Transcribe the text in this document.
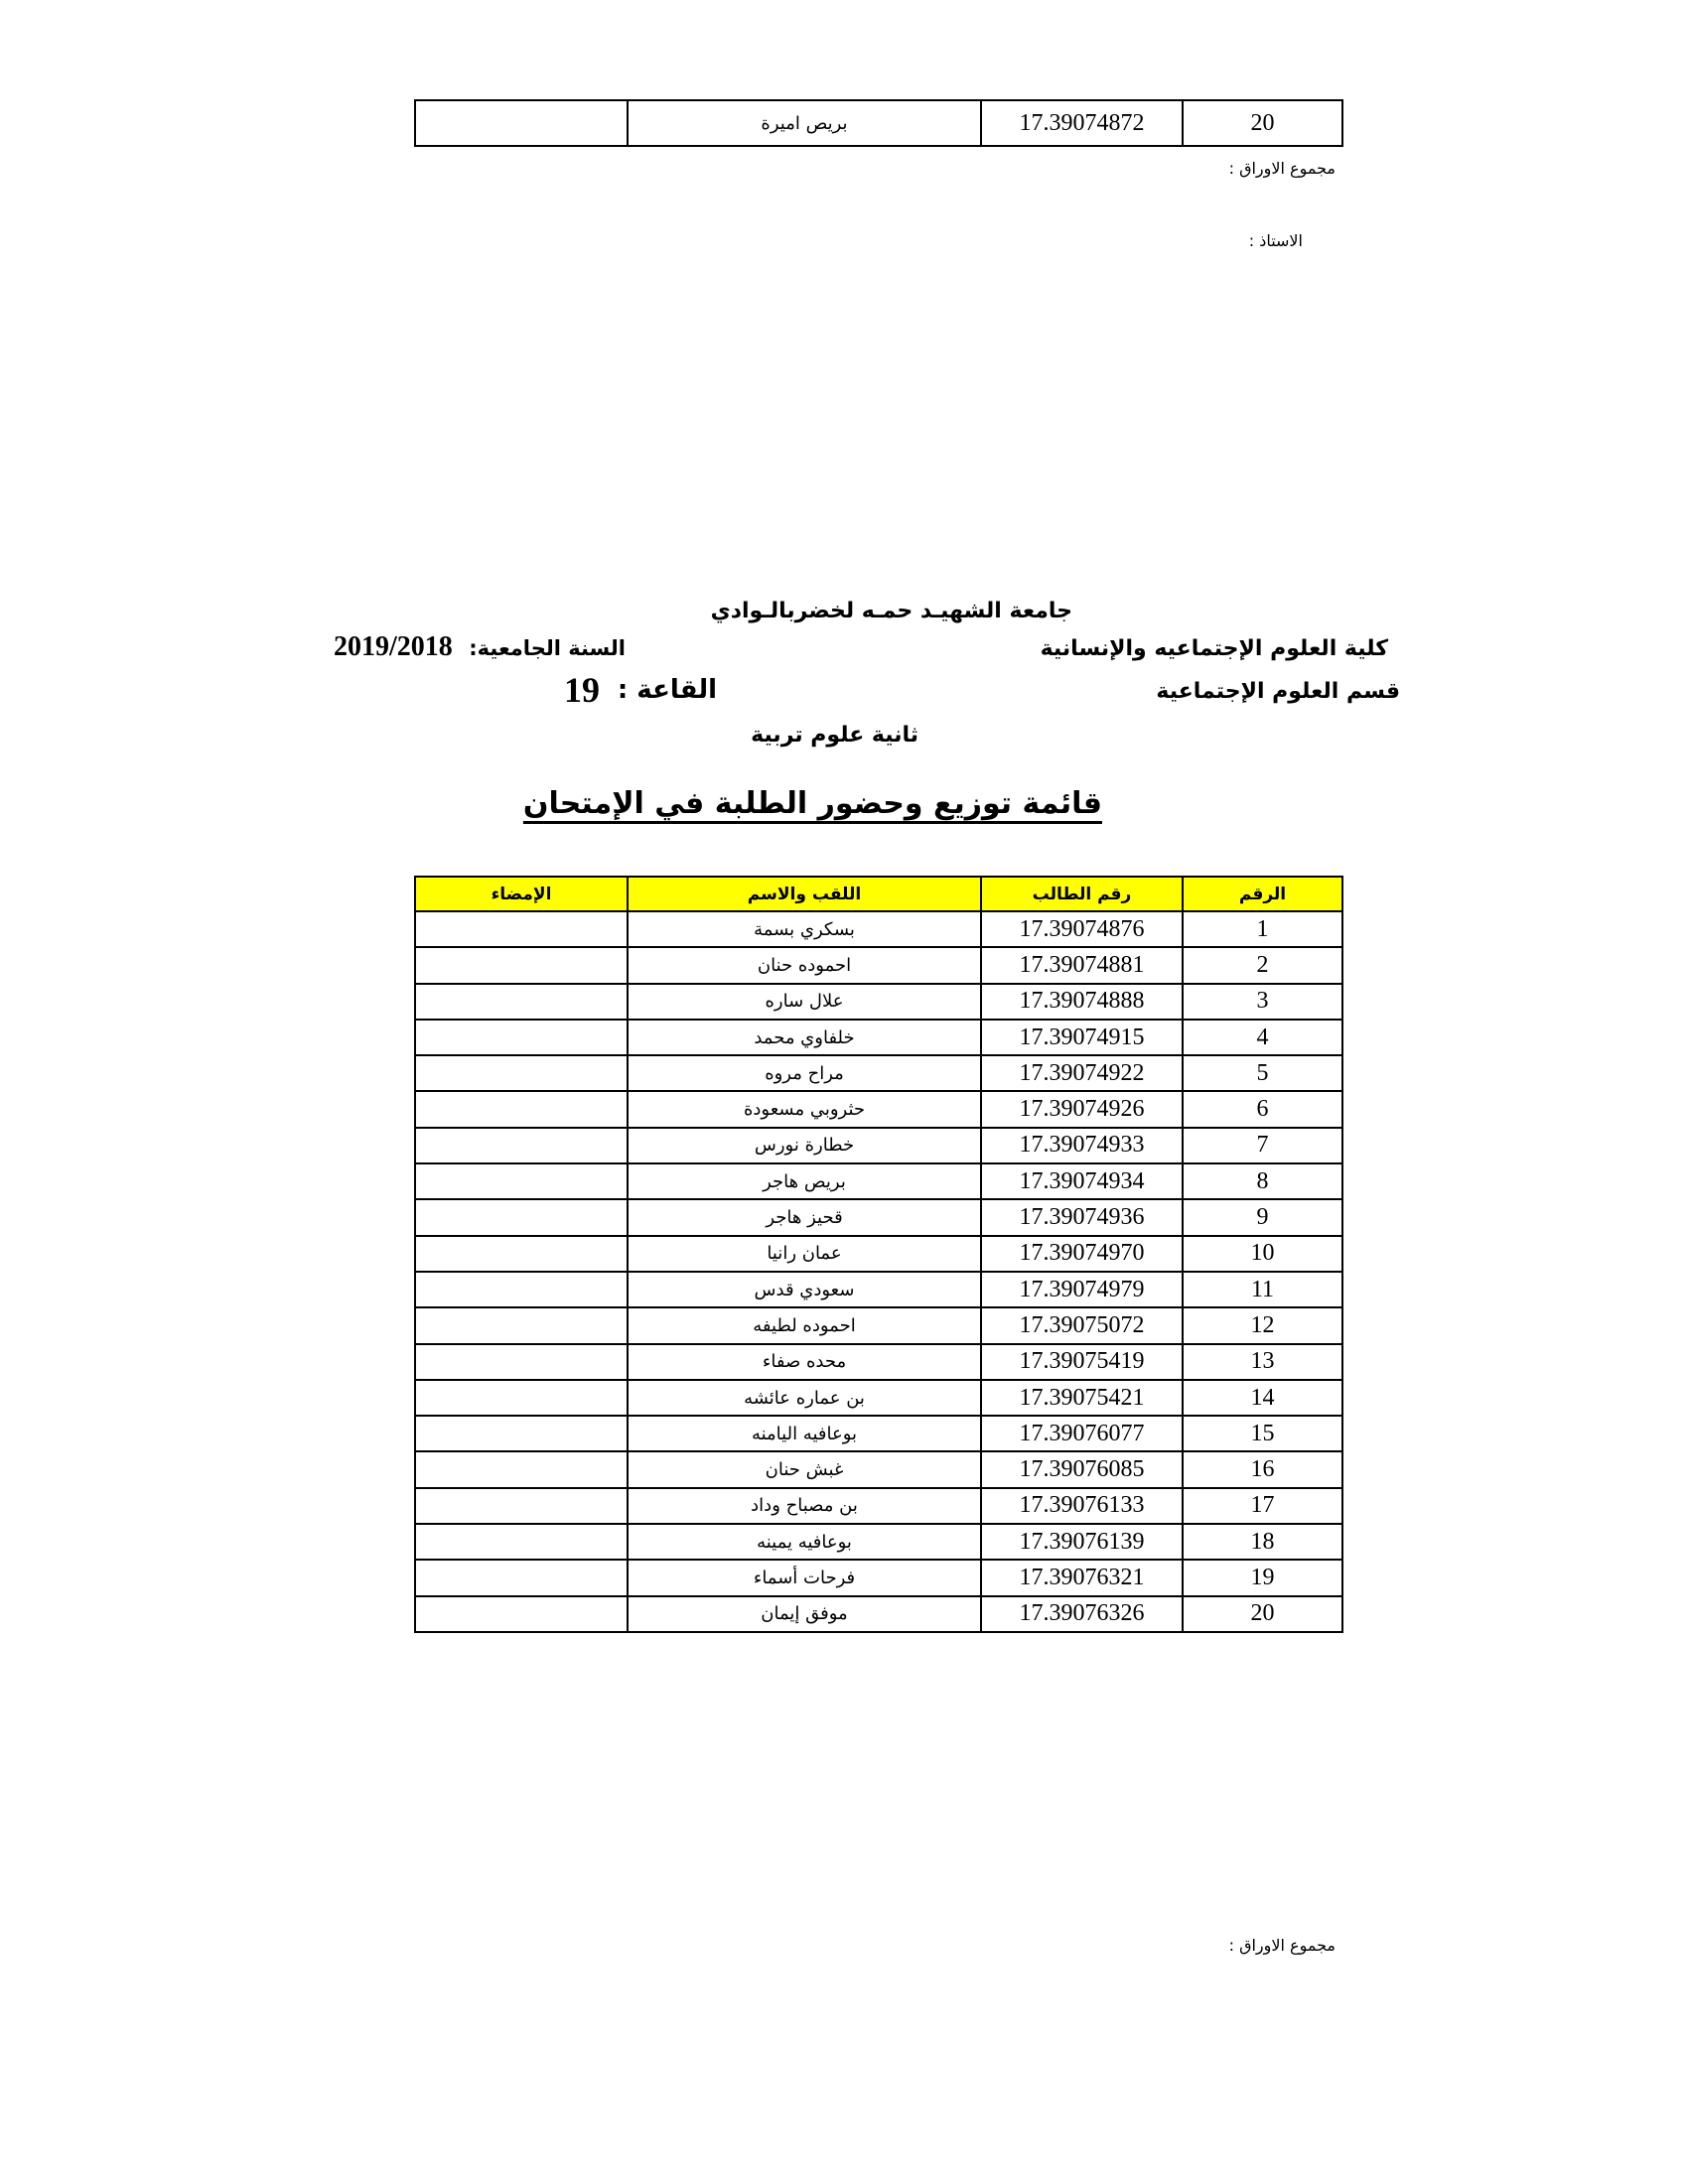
20	17.39074872	بريص اميرة	
مجموع الاوراق :
الاستاذ :
جامعة الشهيـد حمـه لخضربالـوادي
كلية العلوم الإجتماعيه والإنسانية
السنة الجامعية:
2019/2018
قسم العلوم الإجتماعية
القاعة :
19
ثانية علوم تربية
قائمة توزيع وحضور الطلبة في الإمتحان
الرقم	رقم الطالب	اللقب والاسم	الإمضاء
1	17.39074876	بسكري بسمة	
2	17.39074881	احموده حنان	
3	17.39074888	علال ساره	
4	17.39074915	خلفاوي محمد	
5	17.39074922	مراح مروه	
6	17.39074926	حثروبي مسعودة	
7	17.39074933	خطارة نورس	
8	17.39074934	بريص هاجر	
9	17.39074936	قحيز هاجر	
10	17.39074970	عمان رانيا	
11	17.39074979	سعودي قدس	
12	17.39075072	احموده لطيفه	
13	17.39075419	محده صفاء	
14	17.39075421	بن عماره عائشه	
15	17.39076077	بوعافيه اليامنه	
16	17.39076085	غبش حنان	
17	17.39076133	بن مصباح وداد	
18	17.39076139	بوعافيه يمينه	
19	17.39076321	فرحات أسماء	
20	17.39076326	موفق إيمان	
مجموع الاوراق :
